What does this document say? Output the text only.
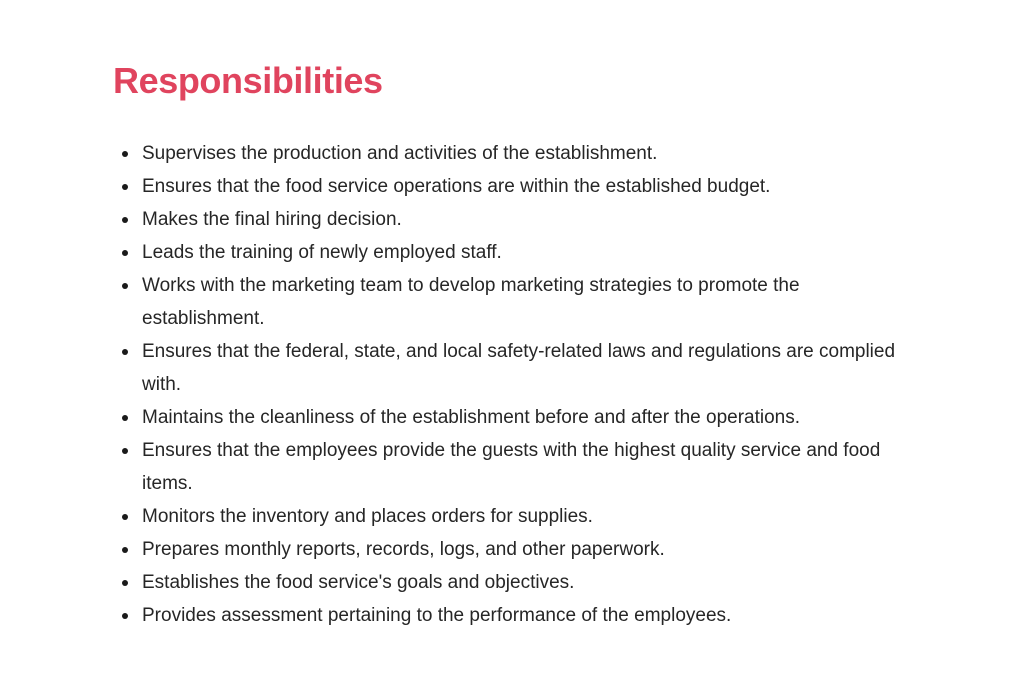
Responsibilities
Supervises the production and activities of the establishment.
Ensures that the food service operations are within the established budget.
Makes the final hiring decision.
Leads the training of newly employed staff.
Works with the marketing team to develop marketing strategies to promote the establishment.
Ensures that the federal, state, and local safety-related laws and regulations are complied with.
Maintains the cleanliness of the establishment before and after the operations.
Ensures that the employees provide the guests with the highest quality service and food items.
Monitors the inventory and places orders for supplies.
Prepares monthly reports, records, logs, and other paperwork.
Establishes the food service's goals and objectives.
Provides assessment pertaining to the performance of the employees.
